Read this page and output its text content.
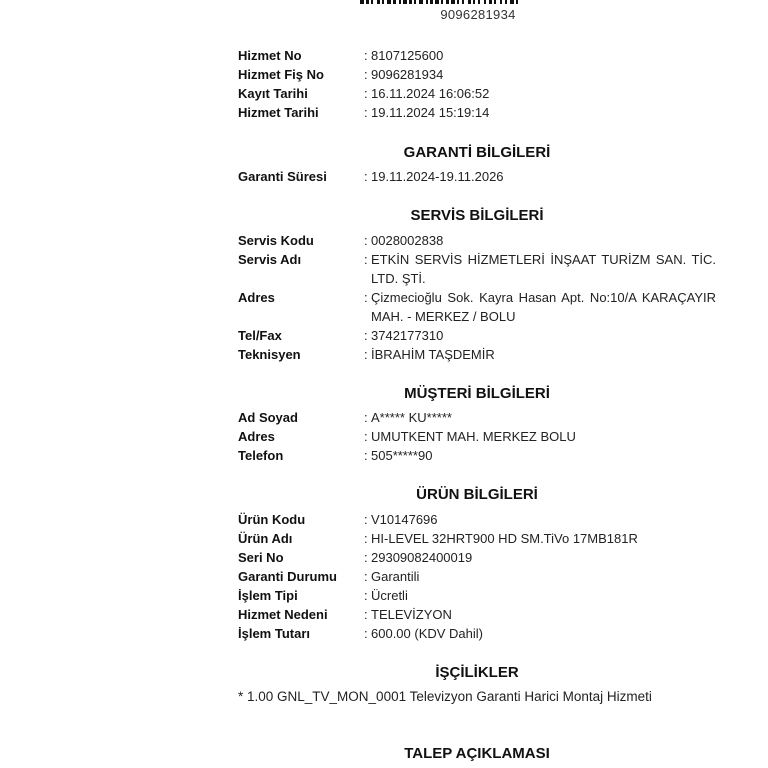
9096281934
Hizmet No	: 8107125600
Hizmet Fiş No	: 9096281934
Kayıt Tarihi	: 16.11.2024 16:06:52
Hizmet Tarihi	: 19.11.2024 15:19:14
GARANTİ BİLGİLERİ
Garanti Süresi	: 19.11.2024-19.11.2026
SERVİS BİLGİLERİ
Servis Kodu	: 0028002838
Servis Adı	: ETKİN SERVİS HİZMETLERİ İNŞAAT TURİZM SAN. TİC. LTD. ŞTİ.
Adres	: Çizmecioğlu Sok. Kayra Hasan Apt. No:10/A KARAÇAYIR MAH. - MERKEZ / BOLU
Tel/Fax	: 3742177310
Teknisyen	: İBRAHİM TAŞDEMİR
MÜŞTERİ BİLGİLERİ
Ad Soyad	: A***** KU*****
Adres	: UMUTKENT MAH. MERKEZ BOLU
Telefon	: 505*****90
ÜRÜN BİLGİLERİ
Ürün Kodu	: V10147696
Ürün Adı	: HI-LEVEL 32HRT900 HD SM.TiVo 17MB181R
Seri No	: 29309082400019
Garanti Durumu	: Garantili
İşlem Tipi	: Ücretli
Hizmet Nedeni	: TELEVİZYON
İşlem Tutarı	: 600.00 (KDV Dahil)
İŞÇİLİKLER
* 1.00 GNL_TV_MON_0001 Televizyon Garanti Harici Montaj Hizmeti
TALEP AÇIKLAMASI
